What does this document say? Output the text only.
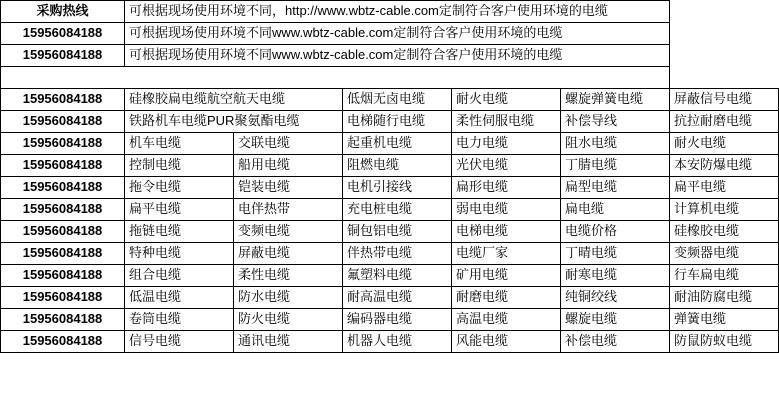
采购热线	可根据现场使用环境不同，http://www.wbtz-cable.com定制符合客户使用环境的电缆					
15956084188	可根据现场使用环境不同www.wbtz-cable.com定制符合客户使用环境的电缆					
15956084188	可根据现场使用环境不同www.wbtz-cable.com定制符合客户使用环境的电缆					

15956084188	硅橡胶扁电缆航空航天电缆		低烟无卤电缆	耐火电缆	螺旋弹簧电缆	屏蔽信号电缆
15956084188	铁路机车电缆PUR聚氨酯电缆		电梯随行电缆	柔性伺服电缆	补偿导线	抗拉耐磨电缆
15956084188	机车电缆	交联电缆	起重机电缆	电力电缆	阻水电缆	耐火电缆
15956084188	控制电缆	船用电缆	阻燃电缆	光伏电缆	丁腈电缆	本安防爆电缆
15956084188	拖令电缆	铠装电缆	电机引接线	扁形电缆	扁型电缆	扁平电缆
15956084188	扁平电缆	电伴热带	充电桩电缆	弱电电缆	扁电缆	计算机电缆
15956084188	拖链电缆	变频电缆	铜包铝电缆	电梯电缆	电缆价格	硅橡胶电缆
15956084188	特种电缆	屏蔽电缆	伴热带电缆	电缆厂家	丁晴电缆	变频器电缆
15956084188	组合电缆	柔性电缆	氟塑料电缆	矿用电缆	耐寒电缆	行车扁电缆
15956084188	低温电缆	防水电缆	耐高温电缆	耐磨电缆	纯铜绞线	耐油防腐电缆
15956084188	卷筒电缆	防火电缆	编码器电缆	高温电缆	螺旋电缆	弹簧电缆
15956084188	信号电缆	通讯电缆	机器人电缆	风能电缆	补偿电缆	防鼠防蚁电缆
